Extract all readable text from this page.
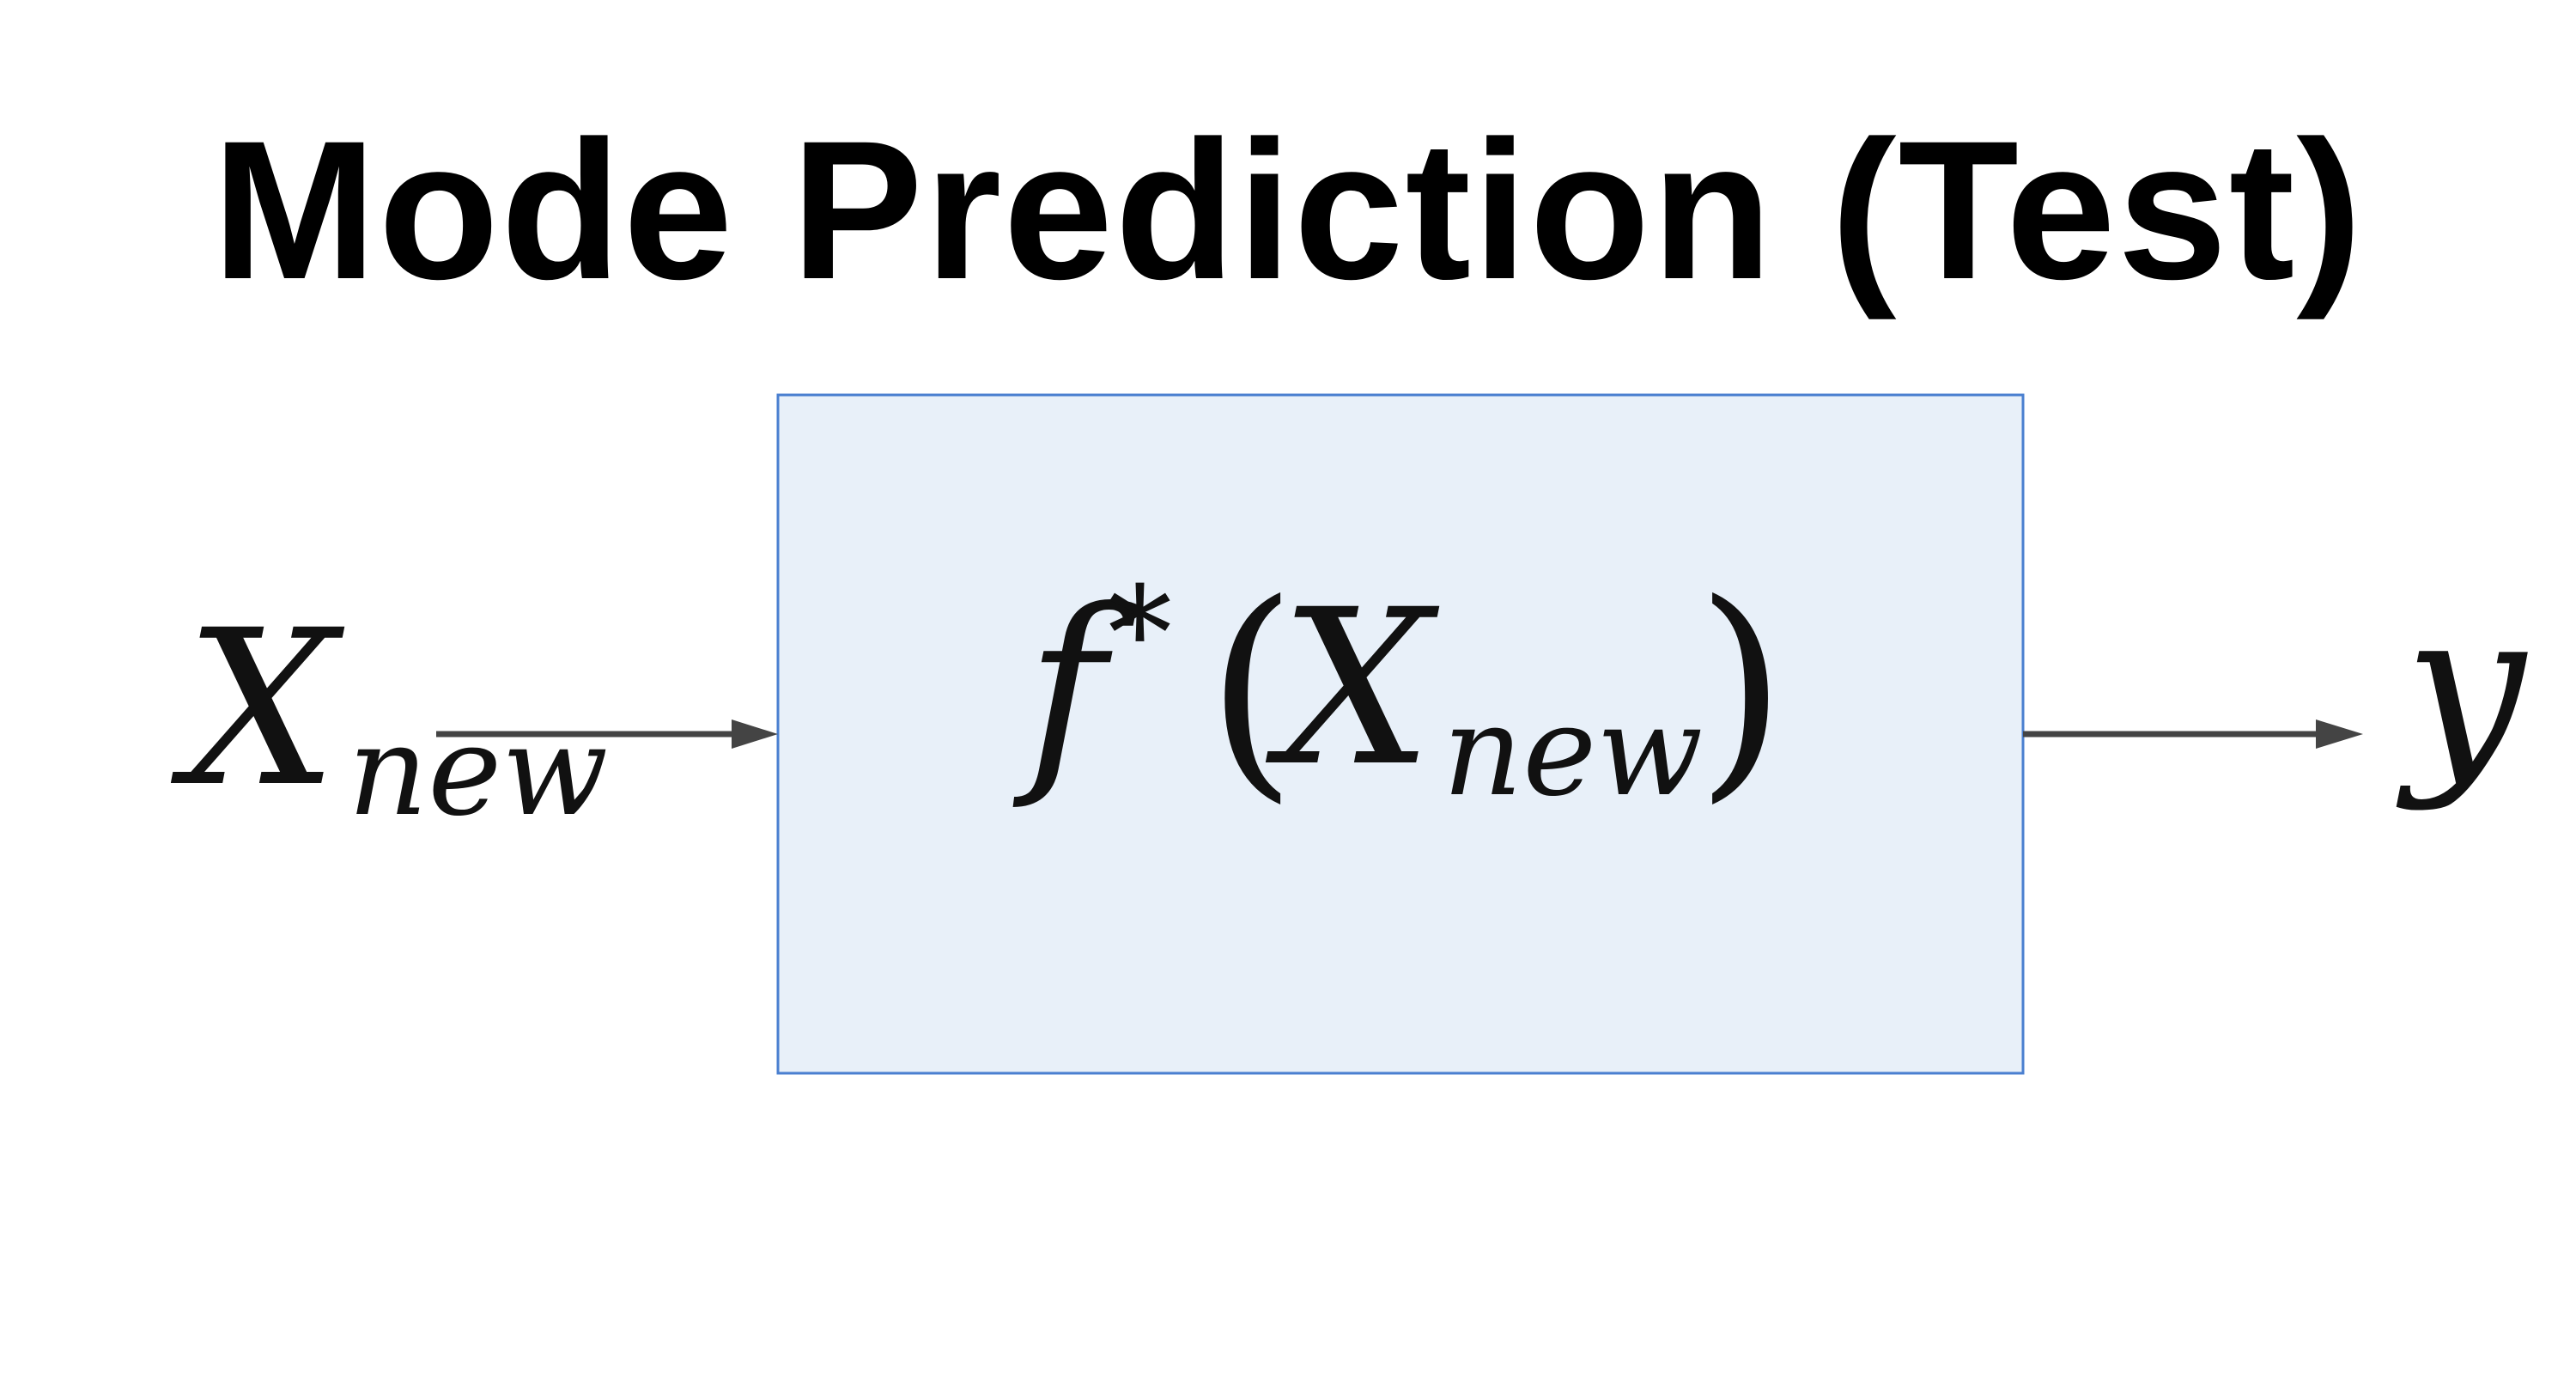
Mode Prediction (Test)
X new f * ( X new )	y
